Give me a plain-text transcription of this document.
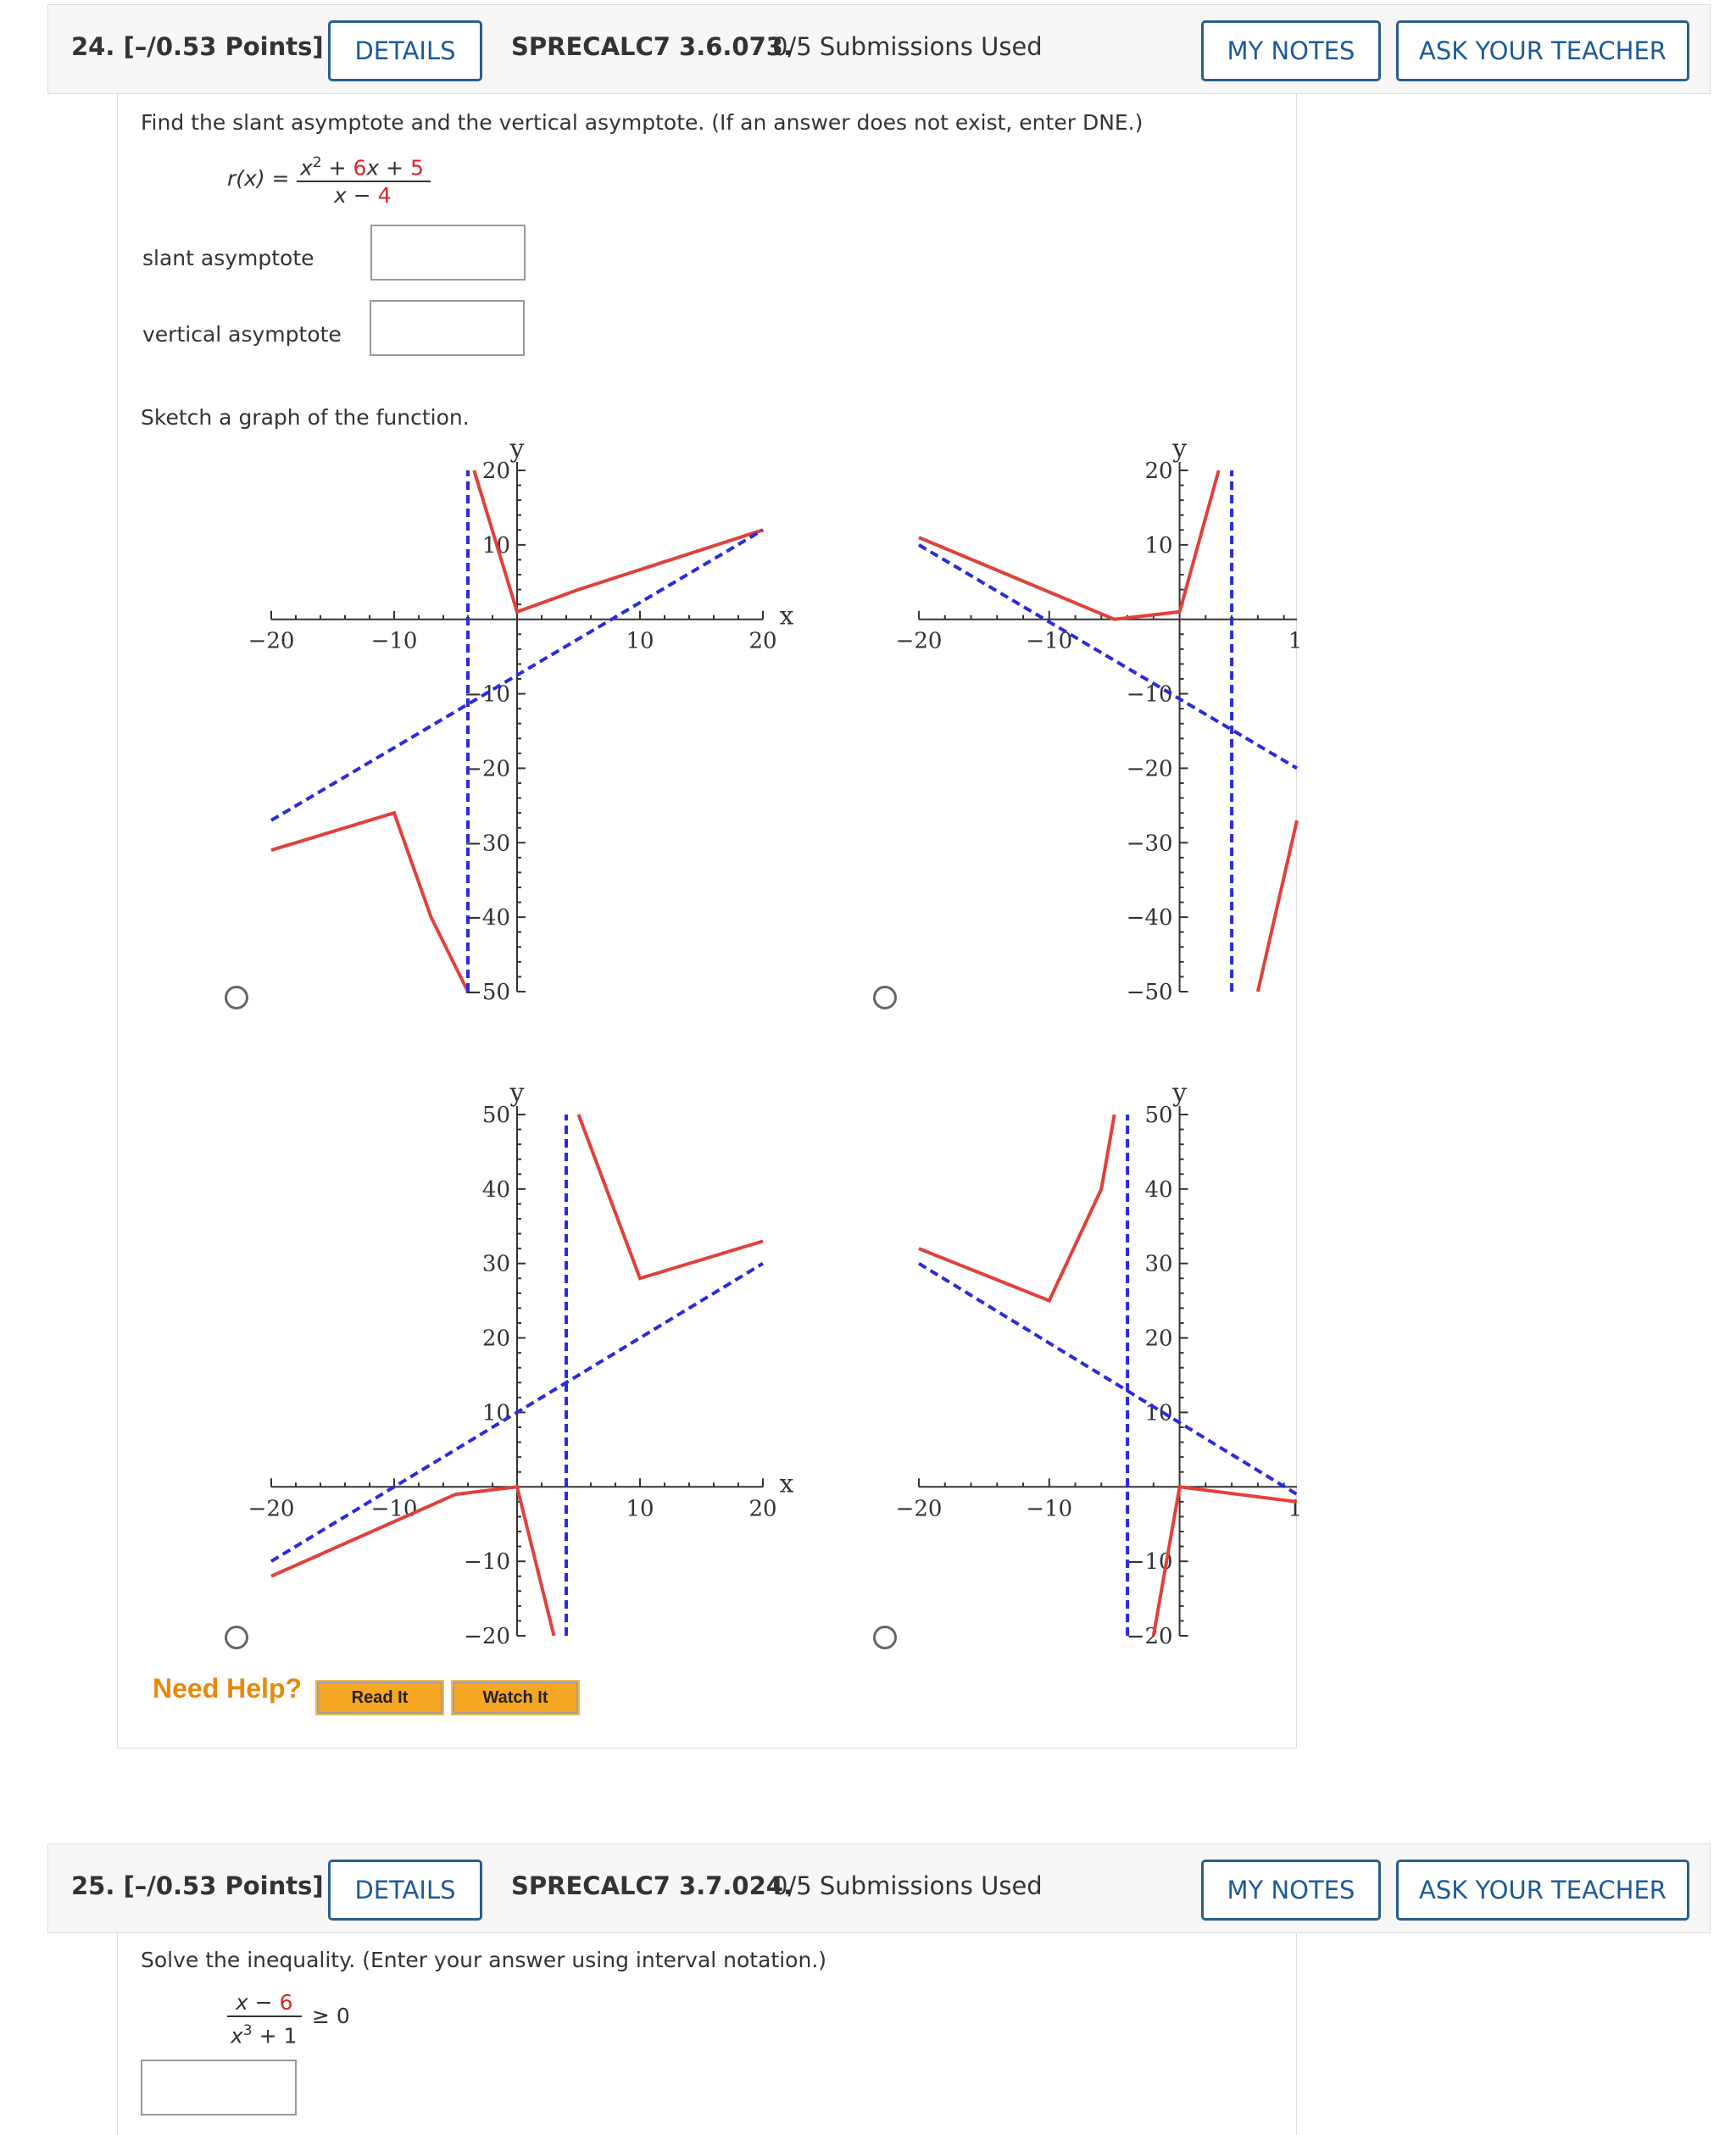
24. [–/0.53 Points]	DETAILS	SPRECALC7 3.6.073.
0/5 Submissions Used	MY NOTES	ASK YOUR TEACHER
Find the slant asymptote and the vertical asymptote. (If an answer does not exist, enter DNE.)
$r(x) = x^2 + 6x + 5$
x − 4
slant asymptote
vertical asymptote
Sketch a graph of the function.
−20	−10	10	20
20
10
−10
−20
−30
−40
−50
y
x
−20	−10	1
20
10
−10
−20
−30
−40
−50
y
−20	−10	10	20
50
40
30
20
10
−10
−20
y
x
−20	−10	1
50
40
30
20
10
−10
−20
y
Need Help?	Read It	Watch It
25. [–/0.53 Points]	DETAILS	SPRECALC7 3.7.024.
0/5 Submissions Used	MY NOTES	ASK YOUR TEACHER
Solve the inequality. (Enter your answer using interval notation.)
x − 6
$x^3 + 1$
≥ 0
